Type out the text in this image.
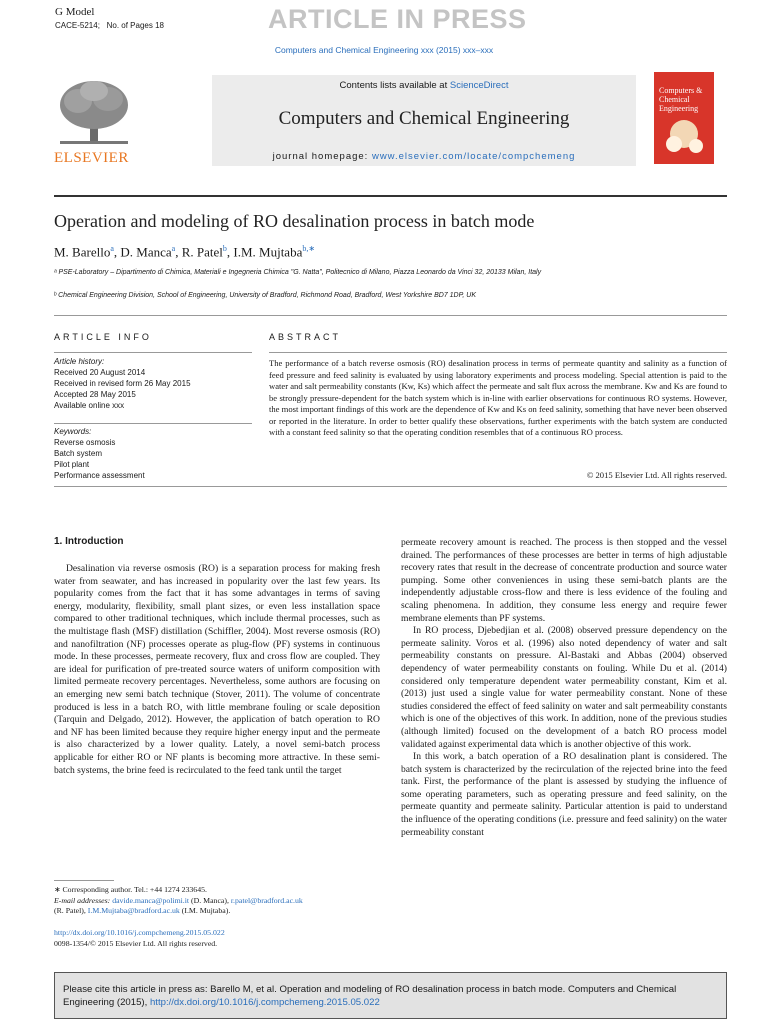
G Model
CACE-5214; No. of Pages 18	ARTICLE IN PRESS
Computers and Chemical Engineering xxx (2015) xxx–xxx
ELSEVIER
Contents lists available at ScienceDirect
Computers and Chemical Engineering
journal homepage: www.elsevier.com/locate/compchemeng
Computers & Chemical Engineering
Operation and modeling of RO desalination process in batch mode
M. Barello$^a$, D. Manca$^a$, R. Patel$^b$, I.M. Mujtaba$^{b,∗}$
ᵃ PSE-Laboratory – Dipartimento di Chimica, Materiali e Ingegneria Chimica "G. Natta", Politecnico di Milano, Piazza Leonardo da Vinci 32, 20133 Milan, Italy
ᵇ Chemical Engineering Division, School of Engineering, University of Bradford, Richmond Road, Bradford, West Yorkshire BD7 1DP, UK
ARTICLE INFO
Article history:
Received 20 August 2014
Received in revised form 26 May 2015
Accepted 28 May 2015
Available online xxx
Keywords:
Reverse osmosis
Batch system
Pilot plant
Performance assessment
ABSTRACT
The performance of a batch reverse osmosis (RO) desalination process in terms of permeate quantity and salinity as a function of feed pressure and feed salinity is evaluated by using laboratory experiments and process modeling. Special attention is paid to the water and salt permeability constants (Kw, Ks) which affect the permeate and salt flux across the membrane. Kw and Ks are found to be strongly pressure-dependent for the batch system which is in-line with earlier observations for continuous RO systems. However, the most important findings of this work are the dependence of Kw and Ks on feed salinity, something that have never been observed or reported in the literature. In order to better qualify these observations, further experiments with the batch system are conducted with a constant feed salinity so that the operating condition resembles that of a continuous RO process.
© 2015 Elsevier Ltd. All rights reserved.
1. Introduction

Desalination via reverse osmosis (RO) is a separation process for making fresh water from seawater, and has increased in popularity over the last few years. Its popularity comes from the fact that it has some advantages in terms of saving energy, modularity, flexibility, small plant sizes, or even less installation space compared to other traditional techniques, which include thermal processes, such as the multistage flash (MSF) distillation (Schiffler, 2004). Most reverse osmosis (RO) and nanofiltration (NF) processes operate as plug-flow (PF) systems in continuous mode. In these processes, permeate recovery, flux and cross flow are coupled. They are ideal for purification of pre-treated source waters of uniform composition with limited permeate recovery percentages. Nevertheless, some authors are focusing on an emerging new semi batch technique (Stover, 2011). The volume of concentrate produced is less in a batch RO, with little membrane fouling or scale deposition (Tarquin and Delgado, 2012). However, the application of batch operation to RO and NF has been limited because they require higher energy input and the permeate is also characterized by a lower quality. Lately, a novel semi-batch process applicable for either RO or NF plants is becoming more attractive. In these semi-batch systems, the brine feed is recirculated to the feed tank until the target

permeate recovery amount is reached. The process is then stopped and the vessel drained. The performances of these processes are better in terms of high adjustable recovery rates that result in the decrease of concentrate production and source water pumping. Some other conveniences in using these semi-batch plants are the independently adjustable cross-flow and there is less evidence of the fouling and scaling phenomena. In addition, they consume less energy and require fewer membrane elements than PF systems.

In RO process, Djebedjian et al. (2008) observed pressure dependency on the permeate salinity. Voros et al. (1996) also noted dependency of water and salt permeability constants on pressure. Al-Bastaki and Abbas (2004) observed dependency of water permeability constants on fouling. While Du et al. (2014) considered only temperature dependent water permeability constant, Kim et al. (2013) just used a single value for water permeability constant. None of these studies considered the effect of feed salinity on water and salt permeability constants which is one of the objectives of this work. In addition, none of the previous studies (although limited) focused on the development of a batch RO process model validated against experimental data which is another objective of this work.

In this work, a batch operation of a RO desalination plant is considered. The batch system is characterized by the recirculation of the rejected brine into the feed tank. First, the performance of the plant is assessed by studying the influence of some operating parameters, such as operating pressure and feed salinity, on the permeate quantity and permeate salinity. Particular attention is paid to understand the influence of the operating conditions (i.e. pressure and feed salinity) on the water permeability constant

∗ Corresponding author. Tel.: +44 1274 233645.
E-mail addresses: davide.manca@polimi.it (D. Manca), r.patel@bradford.ac.uk
(R. Patel), I.M.Mujtaba@bradford.ac.uk (I.M. Mujtaba).
http://dx.doi.org/10.1016/j.compchemeng.2015.05.022
0098-1354/© 2015 Elsevier Ltd. All rights reserved.
Please cite this article in press as: Barello M, et al. Operation and modeling of RO desalination process in batch mode. Computers and Chemical Engineering (2015), http://dx.doi.org/10.1016/j.compchemeng.2015.05.022
